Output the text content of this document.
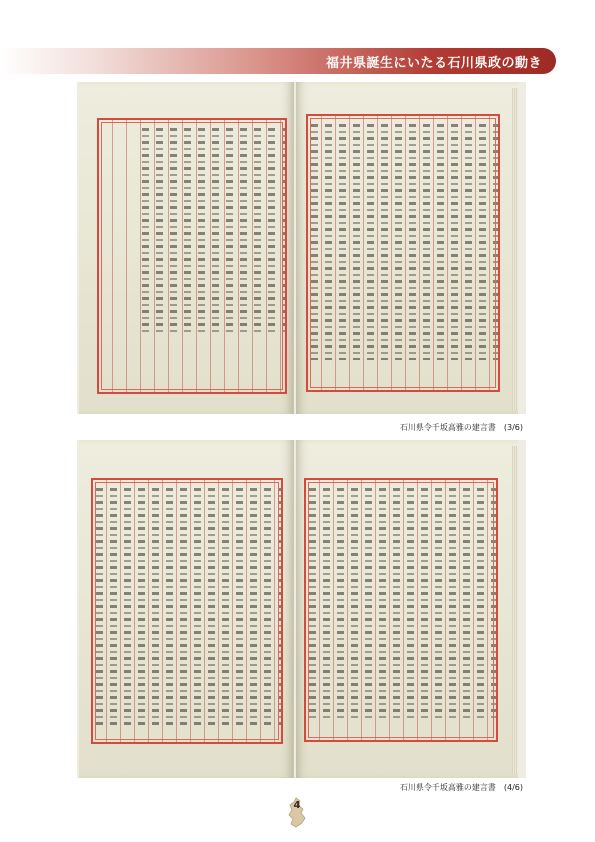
福井県誕生にいたる石川県政の動き
石川県令千坂高雅の建言書　(3/6)
石川県令千坂高雅の建言書　(4/6)
4
